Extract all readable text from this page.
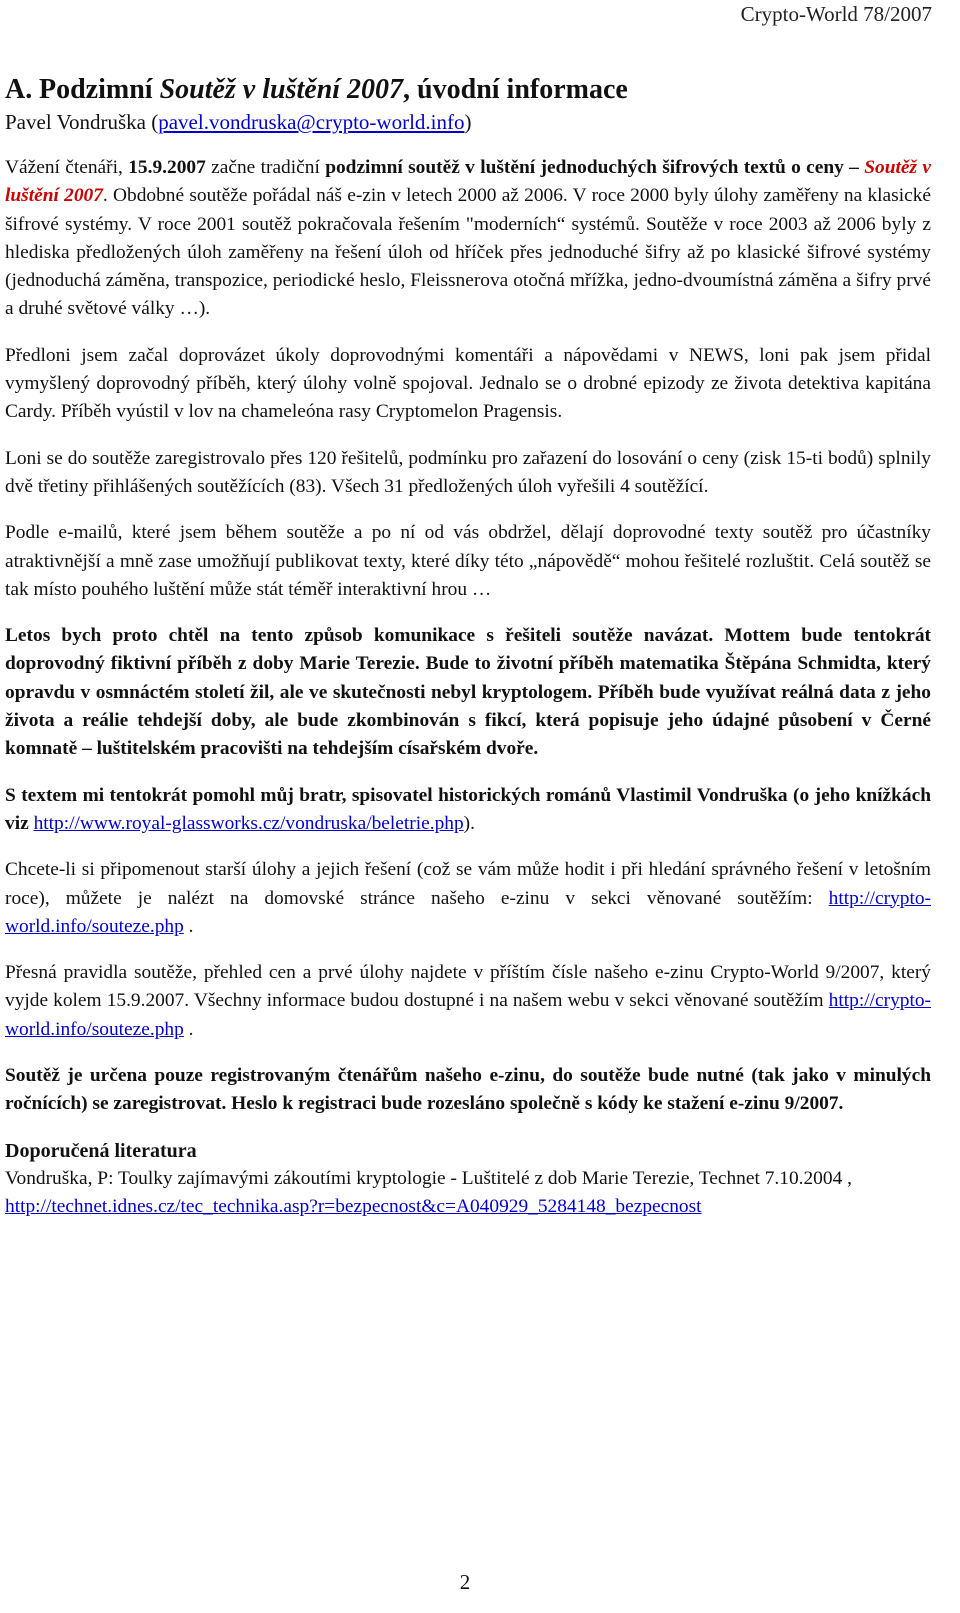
Crypto-World 78/2007
A. Podzimní Soutěž v luštění 2007, úvodní informace
Pavel Vondruška (pavel.vondruska@crypto-world.info)

Vážení čtenáři, 15.9.2007 začne tradiční podzimní soutěž v luštění jednoduchých šifrových textů o ceny – Soutěž v luštění 2007. Obdobné soutěže pořádal náš e-zin v letech 2000 až 2006. V roce 2000 byly úlohy zaměřeny na klasické šifrové systémy. V roce 2001 soutěž pokračovala řešením "moderních“ systémů. Soutěže v roce 2003 až 2006 byly z hlediska předložených úloh zaměřeny na řešení úloh od hříček přes jednoduché šifry až po klasické šifrové systémy (jednoduchá záměna, transpozice, periodické heslo, Fleissnerova otočná mřížka, jedno-dvoumístná záměna a šifry prvé a druhé světové války …).

Předloni jsem začal doprovázet úkoly doprovodnými komentáři a nápovědami v NEWS, loni pak jsem přidal vymyšlený doprovodný příběh, který úlohy volně spojoval. Jednalo se o drobné epizody ze života detektiva kapitána Cardy. Příběh vyústil v lov na chameleóna rasy Cryptomelon Pragensis.

Loni se do soutěže zaregistrovalo přes 120 řešitelů, podmínku pro zařazení do losování o ceny (zisk 15-ti bodů) splnily dvě třetiny přihlášených soutěžících (83). Všech 31 předložených úloh vyřešili 4 soutěžící.

Podle e-mailů, které jsem během soutěže a po ní od vás obdržel, dělají doprovodné texty soutěž pro účastníky atraktivnější a mně zase umožňují publikovat texty, které díky této „nápovědě“ mohou řešitelé rozluštit. Celá soutěž se tak místo pouhého luštění může stát téměř interaktivní hrou …

Letos bych proto chtěl na tento způsob komunikace s řešiteli soutěže navázat. Mottem bude tentokrát doprovodný fiktivní příběh z doby Marie Terezie. Bude to životní příběh matematika Štěpána Schmidta, který opravdu v osmnáctém století žil, ale ve skutečnosti nebyl kryptologem. Příběh bude využívat reálná data z jeho života a reálie tehdejší doby, ale bude zkombinován s fikcí, která popisuje jeho údajné působení v Černé komnatě – luštitelském pracovišti na tehdejším císařském dvoře.

S textem mi tentokrát pomohl můj bratr, spisovatel historických románů Vlastimil Vondruška (o jeho knížkách viz http://www.royal-glassworks.cz/vondruska/beletrie.php).

Chcete-li si připomenout starší úlohy a jejich řešení (což se vám může hodit i při hledání správného řešení v letošním roce), můžete je nalézt na domovské stránce našeho e-zinu v sekci věnované soutěžím: http://crypto-world.info/souteze.php .

Přesná pravidla soutěže, přehled cen a prvé úlohy najdete v příštím čísle našeho e-zinu Crypto-World 9/2007, který vyjde kolem 15.9.2007. Všechny informace budou dostupné i na našem webu v sekci věnované soutěžím http://crypto-world.info/souteze.php .

Soutěž je určena pouze registrovaným čtenářům našeho e-zinu, do soutěže bude nutné (tak jako v minulých ročnících) se zaregistrovat. Heslo k registraci bude rozesláno společně s kódy ke stažení e-zinu 9/2007.

Doporučená literatura

Vondruška, P: Toulky zajímavými zákoutími kryptologie - Luštitelé z dob Marie Terezie, Technet 7.10.2004 ,

http://technet.idnes.cz/tec_technika.asp?r=bezpecnost&c=A040929_5284148_bezpecnost

2
